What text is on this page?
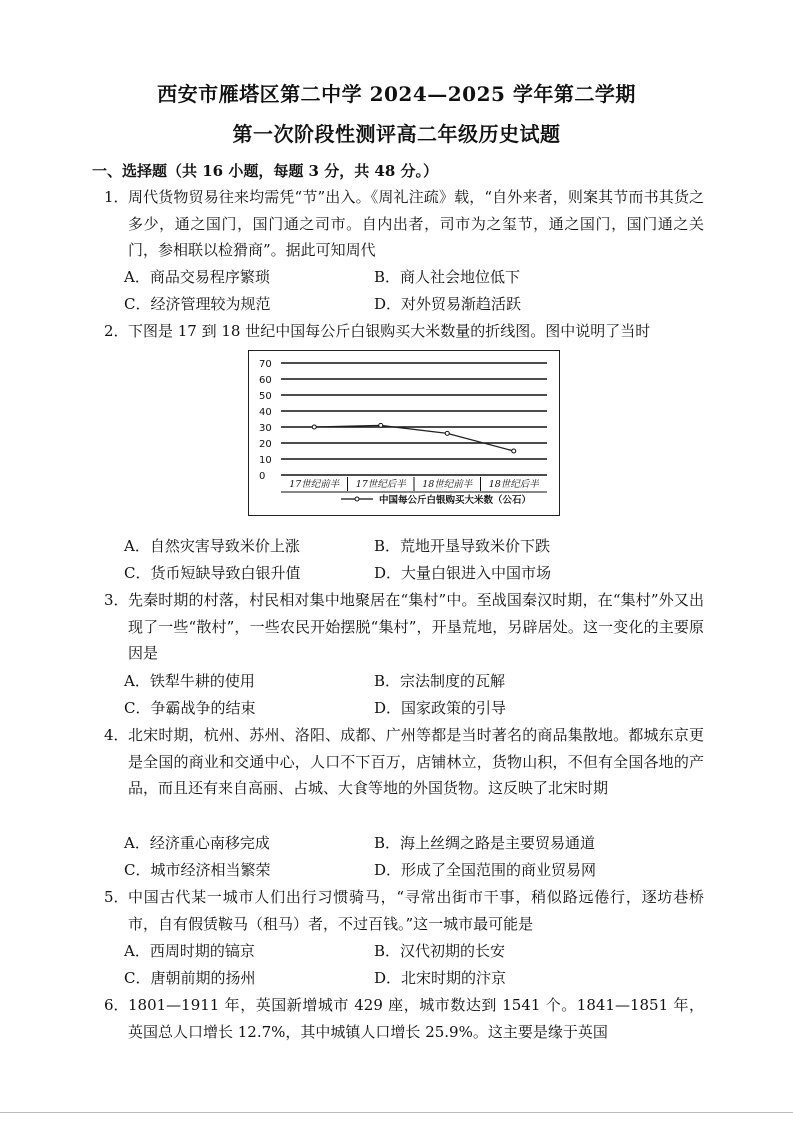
西安市雁塔区第二中学 2024—2025 学年第二学期
第一次阶段性测评高二年级历史试题
一、选择题（共 16 小题，每题 3 分，共 48 分。）
1． 周代货物贸易往来均需凭“节”出入。《周礼注疏》载，“自外来者，则案其节而书其货之多少，通之国门，国门通之司市。自内出者，司市为之玺节，通之国门，国门通之关门，参相联以检猾商”。据此可知周代
A．商品交易程序繁琐	B．商人社会地位低下
C．经济管理较为规范	D．对外贸易渐趋活跃
2． 下图是 17 到 18 世纪中国每公斤白银购买大米数量的折线图。图中说明了当时
0
10
20
30
40
50
60
70
17世纪前半 17世纪后半 18世纪前半 18世纪后半
中国每公斤白银购买大米数（公石）
A．自然灾害导致米价上涨	B．荒地开垦导致米价下跌
C．货币短缺导致白银升值	D．大量白银进入中国市场
3． 先秦时期的村落，村民相对集中地聚居在“集村”中。至战国秦汉时期，在“集村”外又出现了一些“散村”，一些农民开始摆脱“集村”，开垦荒地，另辟居处。这一变化的主要原因是
A．铁犁牛耕的使用	B．宗法制度的瓦解
C．争霸战争的结束	D．国家政策的引导
4． 北宋时期，杭州、苏州、洛阳、成都、广州等都是当时著名的商品集散地。都城东京更是全国的商业和交通中心，人口不下百万，店铺林立，货物山积，不但有全国各地的产品，而且还有来自高丽、占城、大食等地的外国货物。这反映了北宋时期
A．经济重心南移完成	B．海上丝绸之路是主要贸易通道
C．城市经济相当繁荣	D．形成了全国范围的商业贸易网
5． 中国古代某一城市人们出行习惯骑马，“寻常出街市干事，稍似路远倦行，逐坊巷桥市，自有假赁鞍马（租马）者，不过百钱。”这一城市最可能是
A．西周时期的镐京	B．汉代初期的长安
C．唐朝前期的扬州	D．北宋时期的汴京
6． 1801—1911 年，英国新增城市 429 座，城市数达到 1541 个。1841—1851 年，英国总人口增长 12.7%，其中城镇人口增长 25.9%。这主要是缘于英国
